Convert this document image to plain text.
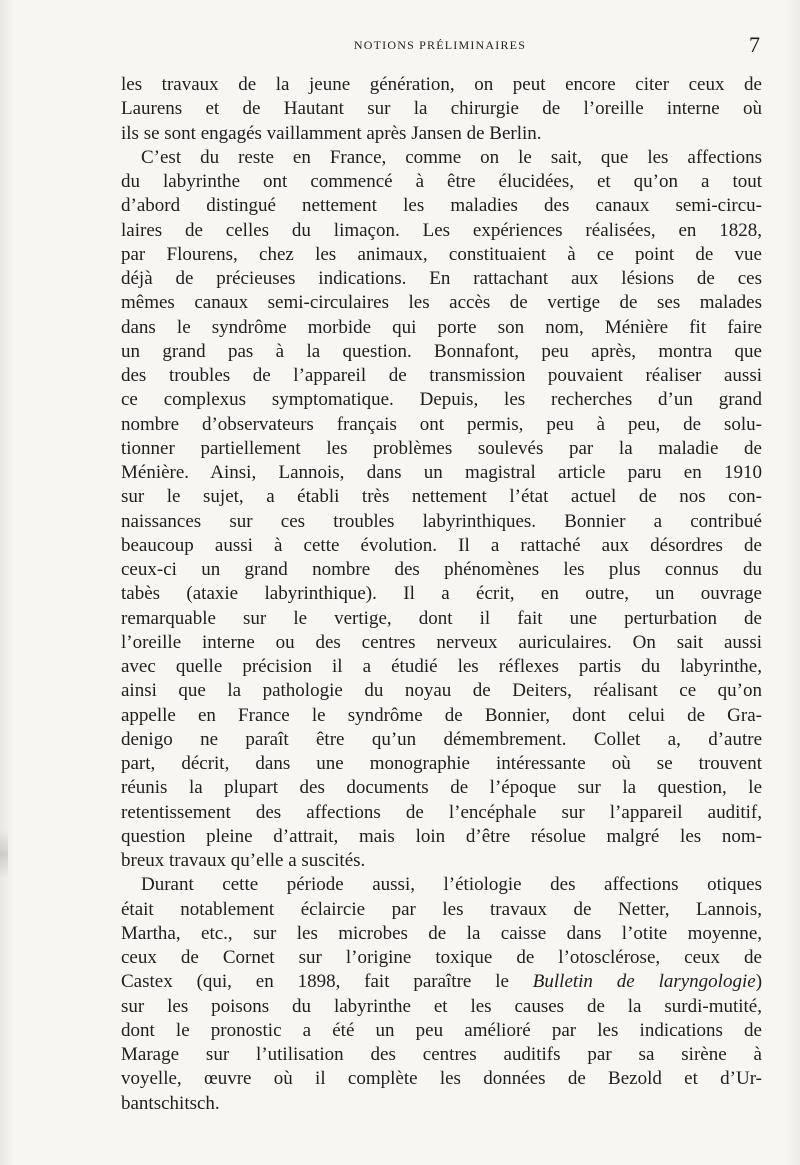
NOTIONS PRÉLIMINAIRES	7
les travaux de la jeune génération, on peut encore citer ceux de
Laurens et de Hautant sur la chirurgie de l’oreille interne où
ils se sont engagés vaillamment après Jansen de Berlin.
C’est du reste en France, comme on le sait, que les affections
du labyrinthe ont commencé à être élucidées, et qu’on a tout
d’abord distingué nettement les maladies des canaux semi-circu-
laires de celles du limaçon. Les expériences réalisées, en 1828,
par Flourens, chez les animaux, constituaient à ce point de vue
déjà de précieuses indications. En rattachant aux lésions de ces
mêmes canaux semi-circulaires les accès de vertige de ses malades
dans le syndrôme morbide qui porte son nom, Ménière fit faire
un grand pas à la question. Bonnafont, peu après, montra que
des troubles de l’appareil de transmission pouvaient réaliser aussi
ce complexus symptomatique. Depuis, les recherches d’un grand
nombre d’observateurs français ont permis, peu à peu, de solu-
tionner partiellement les problèmes soulevés par la maladie de
Ménière. Ainsi, Lannois, dans un magistral article paru en 1910
sur le sujet, a établi très nettement l’état actuel de nos con-
naissances sur ces troubles labyrinthiques. Bonnier a contribué
beaucoup aussi à cette évolution. Il a rattaché aux désordres de
ceux-ci un grand nombre des phénomènes les plus connus du
tabès (ataxie labyrinthique). Il a écrit, en outre, un ouvrage
remarquable sur le vertige, dont il fait une perturbation de
l’oreille interne ou des centres nerveux auriculaires. On sait aussi
avec quelle précision il a étudié les réflexes partis du labyrinthe,
ainsi que la pathologie du noyau de Deiters, réalisant ce qu’on
appelle en France le syndrôme de Bonnier, dont celui de Gra-
denigo ne paraît être qu’un démembrement. Collet a, d’autre
part, décrit, dans une monographie intéressante où se trouvent
réunis la plupart des documents de l’époque sur la question, le
retentissement des affections de l’encéphale sur l’appareil auditif,
question pleine d’attrait, mais loin d’être résolue malgré les nom-
breux travaux qu’elle a suscités.
Durant cette période aussi, l’étiologie des affections otiques
était notablement éclaircie par les travaux de Netter, Lannois,
Martha, etc., sur les microbes de la caisse dans l’otite moyenne,
ceux de Cornet sur l’origine toxique de l’otosclérose, ceux de
Castex (qui, en 1898, fait paraître le Bulletin de laryngologie)
sur les poisons du labyrinthe et les causes de la surdi-mutité,
dont le pronostic a été un peu amélioré par les indications de
Marage sur l’utilisation des centres auditifs par sa sirène à
voyelle, œuvre où il complète les données de Bezold et d’Ur-
bantschitsch.
